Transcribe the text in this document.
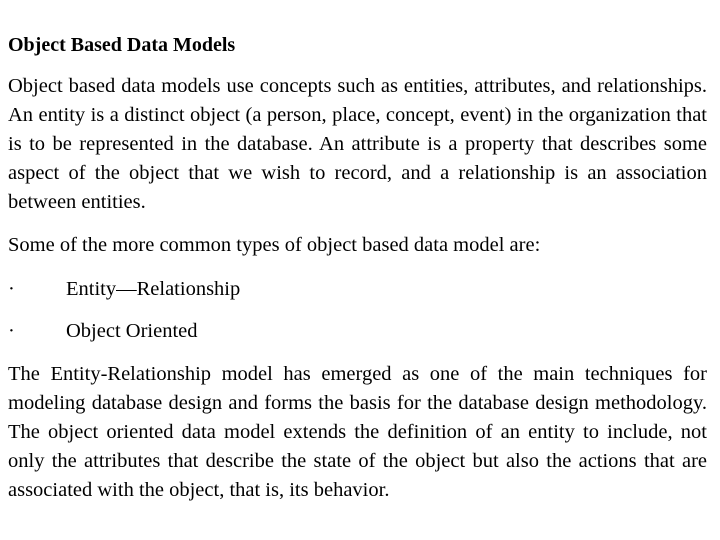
Object Based Data Models

Object based data models use concepts such as entities, attributes, and relationships. An entity is a distinct object (a person, place, concept, event) in the organization that is to be represented in the database. An attribute is a property that describes some aspect of the object that we wish to record, and a relationship is an association between entities.

Some of the more common types of object based data model are:
·	Entity—Relationship
·	Object Oriented

The Entity-Relationship model has emerged as one of the main techniques for modeling database design and forms the basis for the database design methodology. The object oriented data model extends the definition of an entity to include, not only the attributes that describe the state of the object but also the actions that are associated with the object, that is, its behavior.
